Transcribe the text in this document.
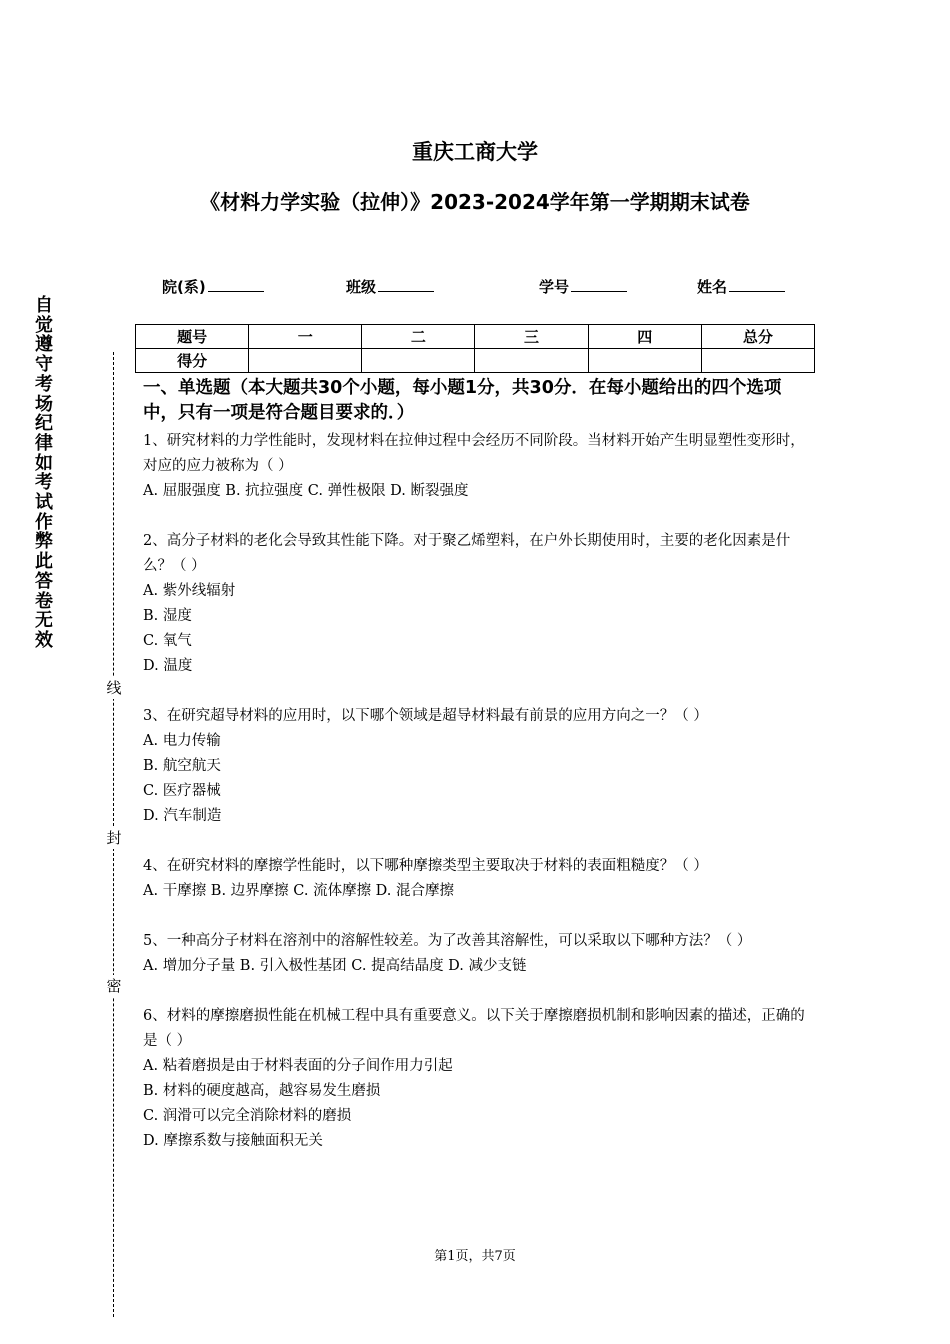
重庆工商大学
《材料力学实验（拉伸）》2023-2024学年第一学期期末试卷
院(系)	班级	学号	姓名
题号	一	二	三	四	总分
得分					
自觉遵守考场纪律如考试作弊此答卷无效
线
封
密
一、单选题（本大题共30个小题，每小题1分，共30分．在每小题给出的四个选项中，只有一项是符合题目要求的．）

1、研究材料的力学性能时，发现材料在拉伸过程中会经历不同阶段。当材料开始产生明显塑性变形时，对应的应力被称为（ ）

A. 屈服强度 B. 抗拉强度 C. 弹性极限 D. 断裂强度

2、高分子材料的老化会导致其性能下降。对于聚乙烯塑料，在户外长期使用时，主要的老化因素是什么？（ ）

A. 紫外线辐射

B. 湿度

C. 氧气

D. 温度

3、在研究超导材料的应用时，以下哪个领域是超导材料最有前景的应用方向之一？（ ）

A. 电力传输

B. 航空航天

C. 医疗器械

D. 汽车制造

4、在研究材料的摩擦学性能时，以下哪种摩擦类型主要取决于材料的表面粗糙度？（ ）

A. 干摩擦 B. 边界摩擦 C. 流体摩擦 D. 混合摩擦

5、一种高分子材料在溶剂中的溶解性较差。为了改善其溶解性，可以采取以下哪种方法？（ ）

A. 增加分子量 B. 引入极性基团 C. 提高结晶度 D. 减少支链

6、材料的摩擦磨损性能在机械工程中具有重要意义。以下关于摩擦磨损机制和影响因素的描述，正确的是（ ）

A. 粘着磨损是由于材料表面的分子间作用力引起

B. 材料的硬度越高，越容易发生磨损

C. 润滑可以完全消除材料的磨损

D. 摩擦系数与接触面积无关

第1页，共7页
